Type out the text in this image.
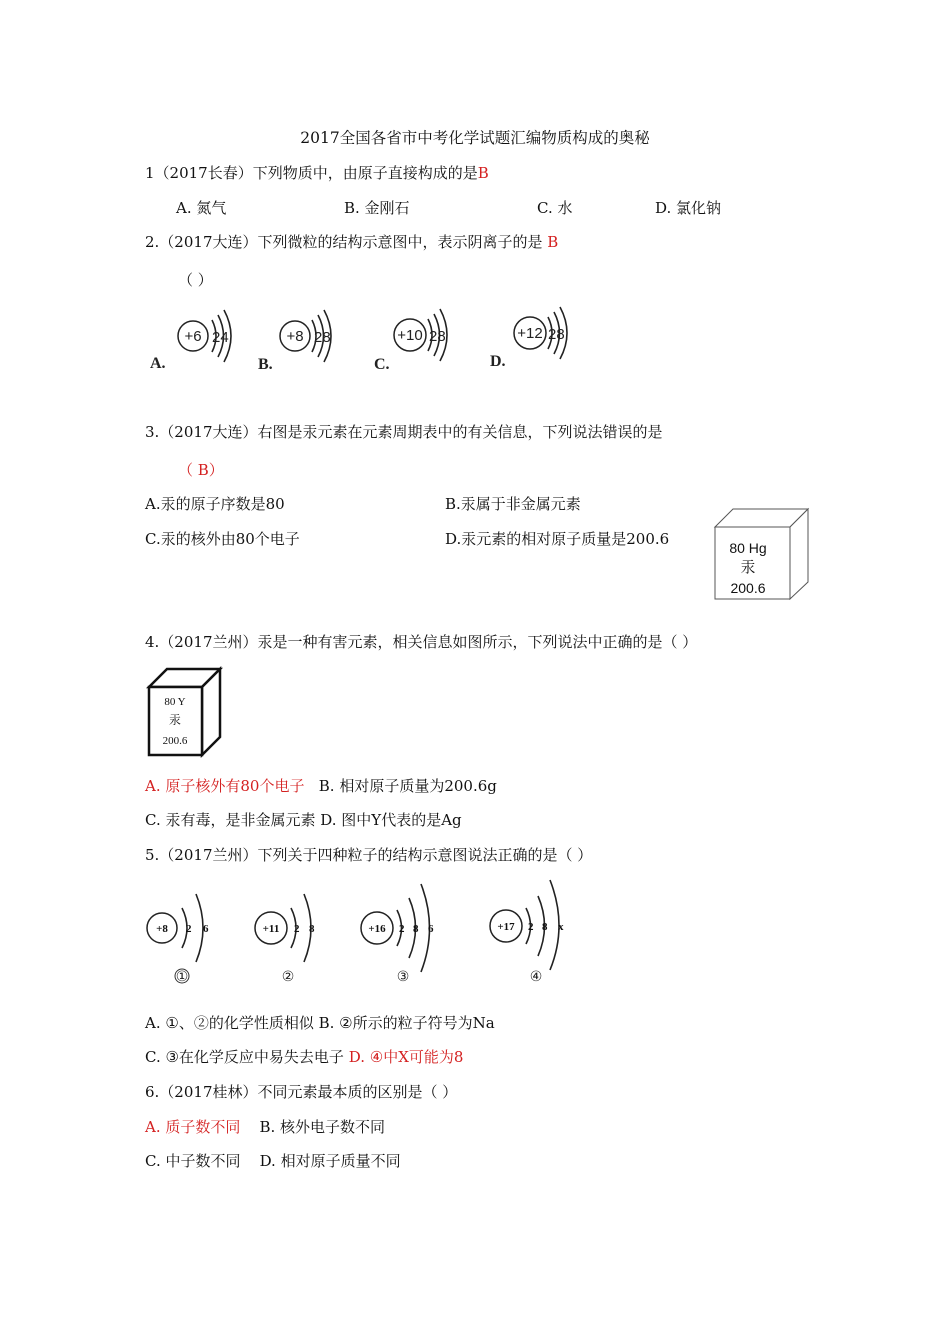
2017全国各省市中考化学试题汇编物质构成的奥秘
1（2017长春）下列物质中，由原子直接构成的是B
A. 氮气	B. 金刚石	C. 水	D. 氯化钠
2.（2017大连）下列微粒的结构示意图中，表示阴离子的是 B
（ ）
+6 24
A.
+8 28
B.
+10 28
C.
+12 28
D.
3.（2017大连）右图是汞元素在元素周期表中的有关信息，下列说法错误的是
（ B）
A.汞的原子序数是80	B.汞属于非金属元素
C.汞的核外由80个电子	D.汞元素的相对原子质量是200.6	80 Hg
汞
200.6
4.（2017兰州）汞是一种有害元素，相关信息如图所示，下列说法中正确的是（ ）
80 Y
汞
200.6
A. 原子核外有80个电子 B. 相对原子质量为200.6g
C. 汞有毒，是非金属元素 D. 图中Y代表的是Ag
5.（2017兰州）下列关于四种粒子的结构示意图说法正确的是（ ）
+8 2 6
①
+11 2 8
②
+16 2 8 6
③
+17 2 8 x
④
A. ①、②的化学性质相似 B. ②所示的粒子符号为Na
C. ③在化学反应中易失去电子 D. ④中X可能为8
6.（2017桂林）不同元素最本质的区别是（ ）
A. 质子数不同 B. 核外电子数不同
C. 中子数不同 D. 相对原子质量不同
